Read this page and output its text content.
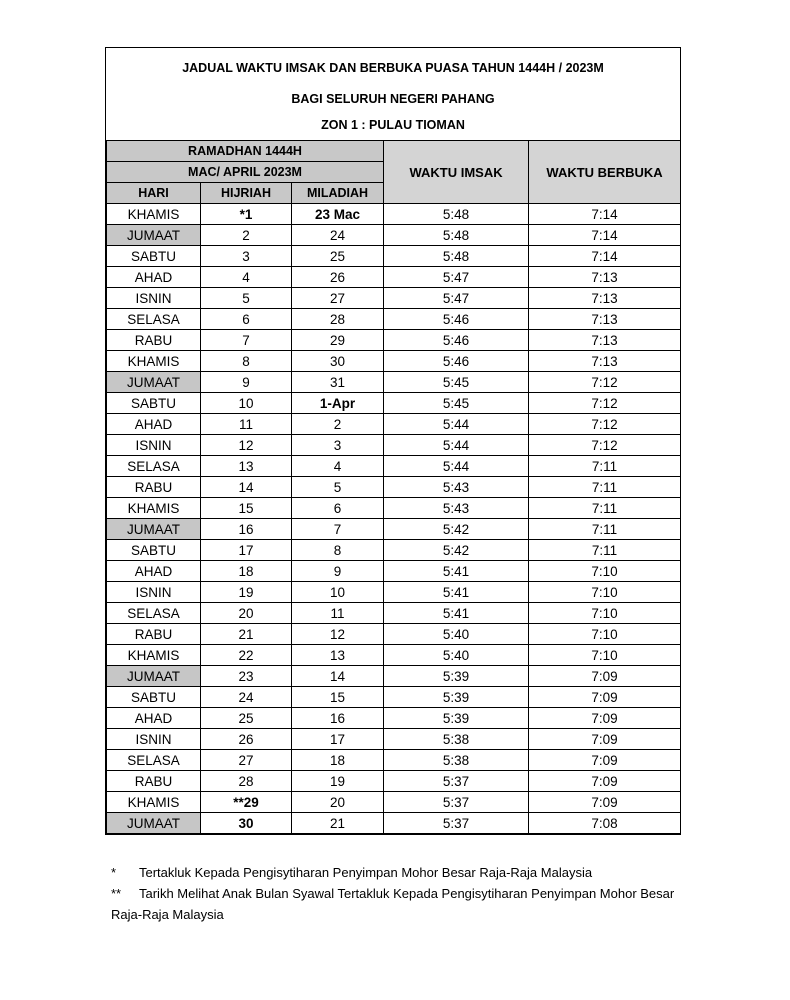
JADUAL WAKTU IMSAK DAN BERBUKA PUASA TAHUN 1444H / 2023M
BAGI SELURUH NEGERI PAHANG
ZON 1 : PULAU TIOMAN
RAMADHAN 1444H			WAKTU IMSAK	WAKTU BERBUKA
MAC/ APRIL 2023M				
HARI	HIJRIAH	MILADIAH		
KHAMIS	*1	23 Mac	5:48	7:14
JUMAAT	2	24	5:48	7:14
SABTU	3	25	5:48	7:14
AHAD	4	26	5:47	7:13
ISNIN	5	27	5:47	7:13
SELASA	6	28	5:46	7:13
RABU	7	29	5:46	7:13
KHAMIS	8	30	5:46	7:13
JUMAAT	9	31	5:45	7:12
SABTU	10	1-Apr	5:45	7:12
AHAD	11	2	5:44	7:12
ISNIN	12	3	5:44	7:12
SELASA	13	4	5:44	7:11
RABU	14	5	5:43	7:11
KHAMIS	15	6	5:43	7:11
JUMAAT	16	7	5:42	7:11
SABTU	17	8	5:42	7:11
AHAD	18	9	5:41	7:10
ISNIN	19	10	5:41	7:10
SELASA	20	11	5:41	7:10
RABU	21	12	5:40	7:10
KHAMIS	22	13	5:40	7:10
JUMAAT	23	14	5:39	7:09
SABTU	24	15	5:39	7:09
AHAD	25	16	5:39	7:09
ISNIN	26	17	5:38	7:09
SELASA	27	18	5:38	7:09
RABU	28	19	5:37	7:09
KHAMIS	**29	20	5:37	7:09
JUMAAT	30	21	5:37	7:08
* Tertakluk Kepada Pengisytiharan Penyimpan Mohor Besar Raja-Raja Malaysia
** Tarikh Melihat Anak Bulan Syawal Tertakluk Kepada Pengisytiharan Penyimpan Mohor Besar Raja-Raja Malaysia
